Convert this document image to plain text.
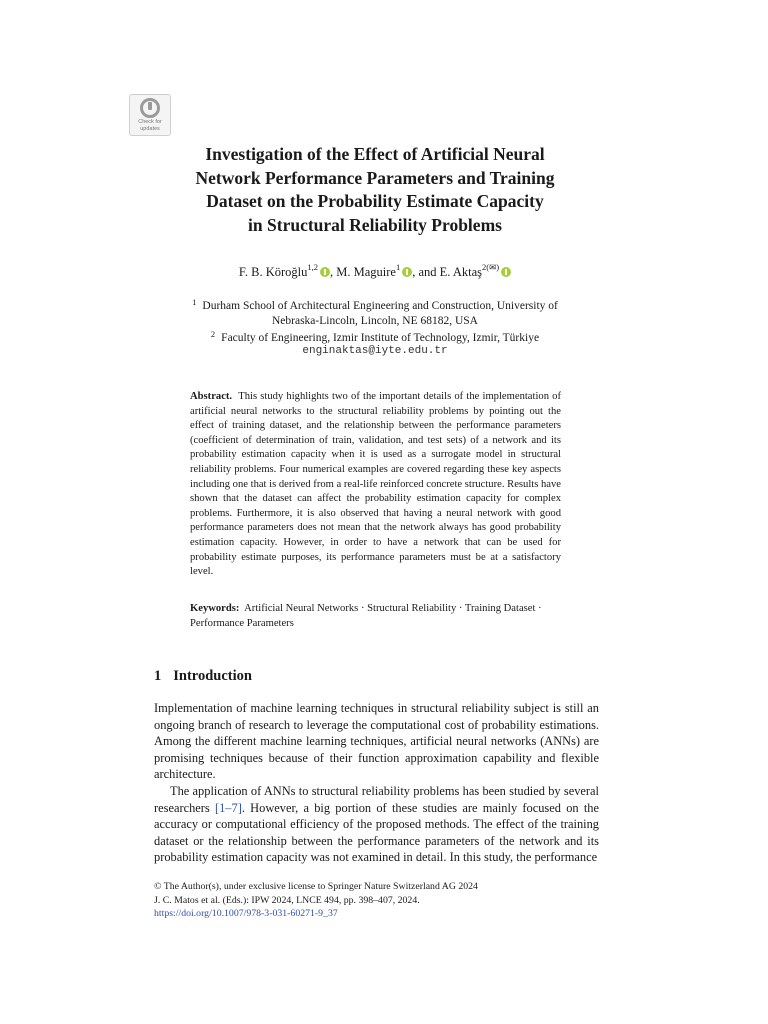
Check for
updates
Investigation of the Effect of Artificial Neural
Network Performance Parameters and Training
Dataset on the Probability Estimate Capacity
in Structural Reliability Problems
F. B. Köroğlu$^{1,2}$ , M. Maguire$^1$ , and E. Aktaş$^{2(✉)}$
$^1$ Durham School of Architectural Engineering and Construction, University of
Nebraska-Lincoln, Lincoln, NE 68182, USA
$^2$ Faculty of Engineering, Izmir Institute of Technology, Izmir, Türkiye
enginaktas@iyte.edu.tr
Abstract. This study highlights two of the important details of the implementation of artificial neural networks to the structural reliability problems by pointing out the effect of training dataset, and the relationship between the performance parameters (coefficient of determination of train, validation, and test sets) of a network and its probability estimation capacity when it is used as a surrogate model in structural reliability problems. Four numerical examples are covered regarding these key aspects including one that is derived from a real-life reinforced concrete structure. Results have shown that the dataset can affect the probability estimation capacity for complex problems. Furthermore, it is also observed that having a neural network with good performance parameters does not mean that the network always has good probability estimation capacity. However, in order to have a network that can be used for probability estimate purposes, its performance parameters must be at a satisfactory level.
Keywords: Artificial Neural Networks · Structural Reliability · Training Dataset · Performance Parameters
1 Introduction
Implementation of machine learning techniques in structural reliability subject is still an ongoing branch of research to leverage the computational cost of probability estimations. Among the different machine learning techniques, artificial neural networks (ANNs) are promising techniques because of their function approximation capability and flexible architecture.
The application of ANNs to structural reliability problems has been studied by several researchers [1–7]. However, a big portion of these studies are mainly focused on the accuracy or computational efficiency of the proposed methods. The effect of the training dataset or the relationship between the performance parameters of the network and its probability estimation capacity was not examined in detail. In this study, the performance
© The Author(s), under exclusive license to Springer Nature Switzerland AG 2024
J. C. Matos et al. (Eds.): IPW 2024, LNCE 494, pp. 398–407, 2024.
https://doi.org/10.1007/978-3-031-60271-9_37
